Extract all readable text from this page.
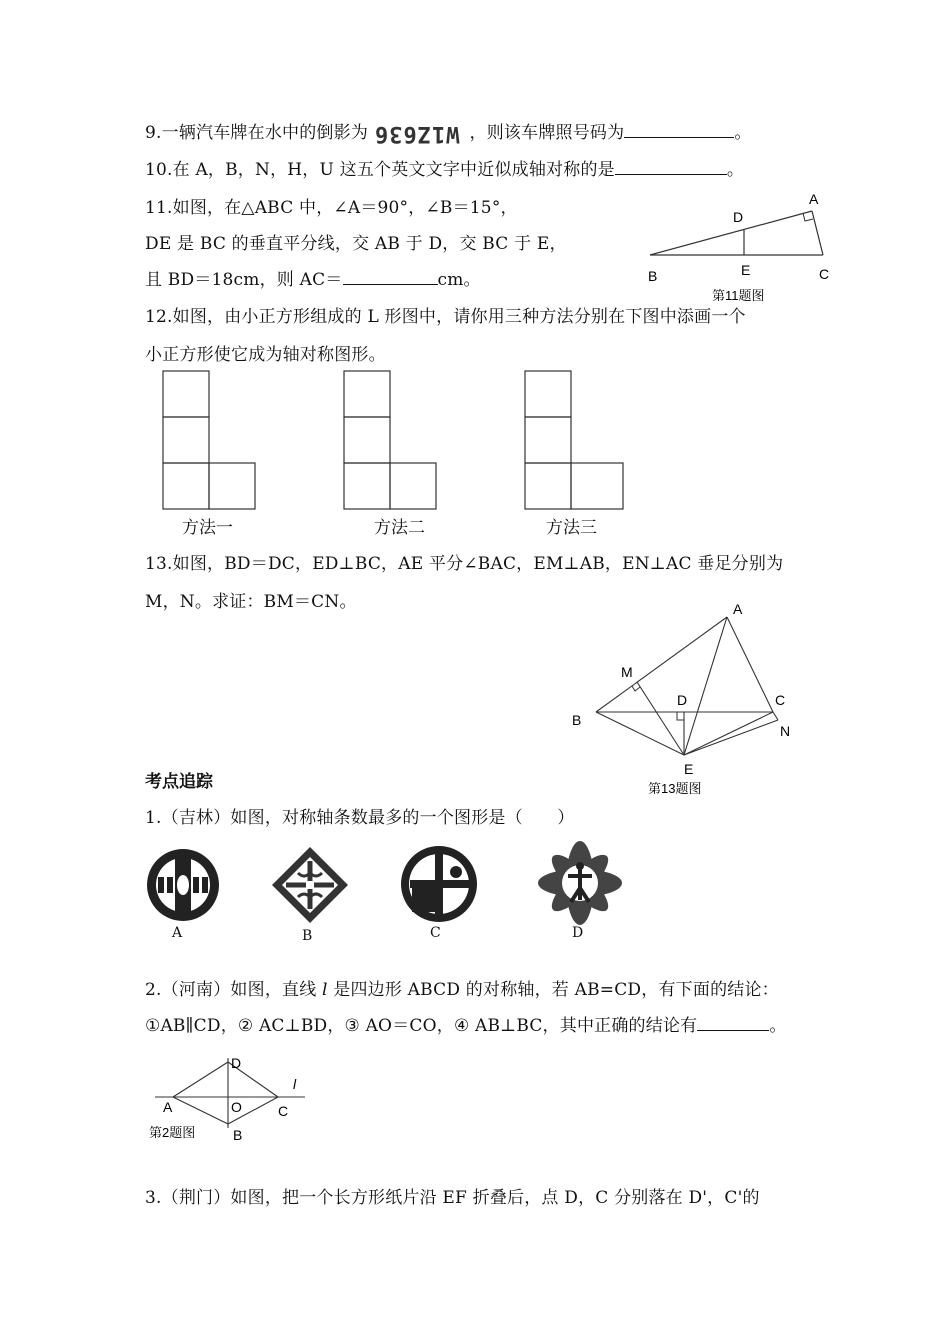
9.一辆汽车牌在水中的倒影为 W1Z636 ，则该车牌照号码为	。
10.在 A，B，N，H，U 这五个英文文字中近似成轴对称的是	。
11.如图，在△ABC 中，∠A＝90°，∠B＝15°，
DE 是 BC 的垂直平分线，交 AB 于 D，交 BC 于 E，
且 BD＝18cm，则 AC＝	cm。
A
B	C
D
E
第11题图
12.如图，由小正方形组成的 L 形图中，请你用三种方法分别在下图中添画一个
小正方形使它成为轴对称图形。
方法一	方法二	方法三
13.如图，BD＝DC，ED⊥BC，AE 平分∠BAC，EM⊥AB，EN⊥AC 垂足分别为
M，N。求证：BM＝CN。	A
B
C
D
E
M
N
第13题图
考点追踪
1.（吉林）如图，对称轴条数最多的一个图形是（　　）
A	B	C	D
2.（河南）如图，直线 l 是四边形 ABCD 的对称轴，若 AB=CD，有下面的结论：
①AB∥CD，② AC⊥BD，③ AO＝CO，④ AB⊥BC，其中正确的结论有	。
D
A	O	C
l
B
第2题图
3.（荆门）如图，把一个长方形纸片沿 EF 折叠后，点 D，C 分别落在 D'，C'的
